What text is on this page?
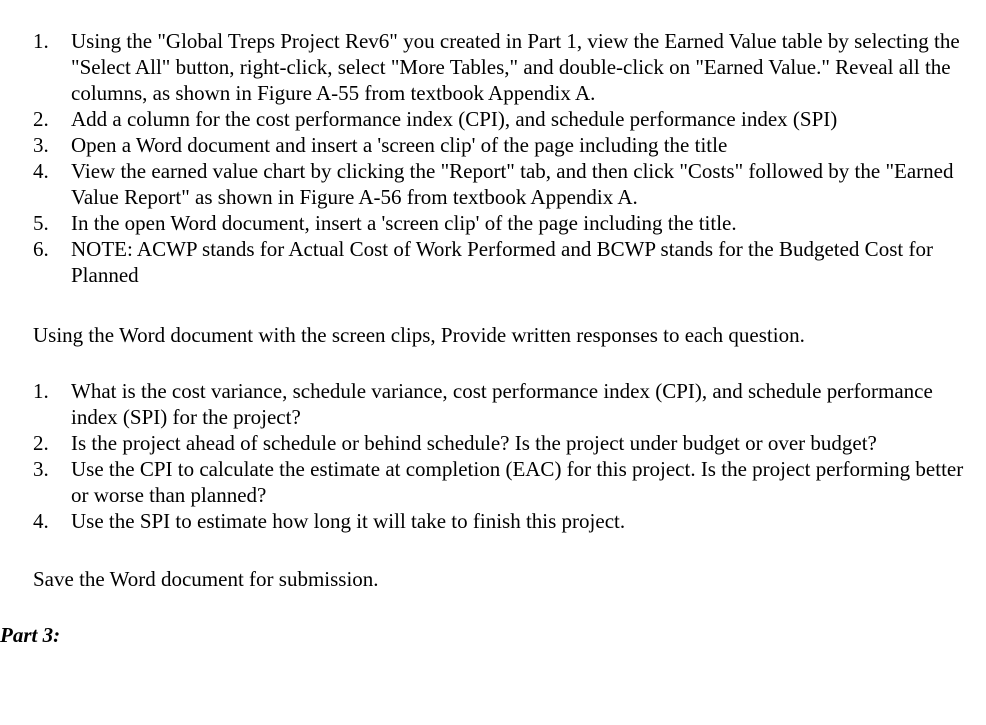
1. Using the "Global Treps Project Rev6" you created in Part 1, view the Earned Value table by selecting the "Select All" button, right-click, select "More Tables," and double-click on "Earned Value." Reveal all the columns, as shown in Figure A-55 from textbook Appendix A.
2. Add a column for the cost performance index (CPI), and schedule performance index (SPI)
3. Open a Word document and insert a 'screen clip' of the page including the title
4. View the earned value chart by clicking the "Report" tab, and then click "Costs" followed by the "Earned Value Report" as shown in Figure A-56 from textbook Appendix A.
5. In the open Word document, insert a 'screen clip' of the page including the title.
6. NOTE: ACWP stands for Actual Cost of Work Performed and BCWP stands for the Budgeted Cost for Planned

Using the Word document with the screen clips, Provide written responses to each question.

1. What is the cost variance, schedule variance, cost performance index (CPI), and schedule performance index (SPI) for the project?
2. Is the project ahead of schedule or behind schedule? Is the project under budget or over budget?
3. Use the CPI to calculate the estimate at completion (EAC) for this project. Is the project performing better or worse than planned?
4. Use the SPI to estimate how long it will take to finish this project.

Save the Word document for submission.

Part 3:
